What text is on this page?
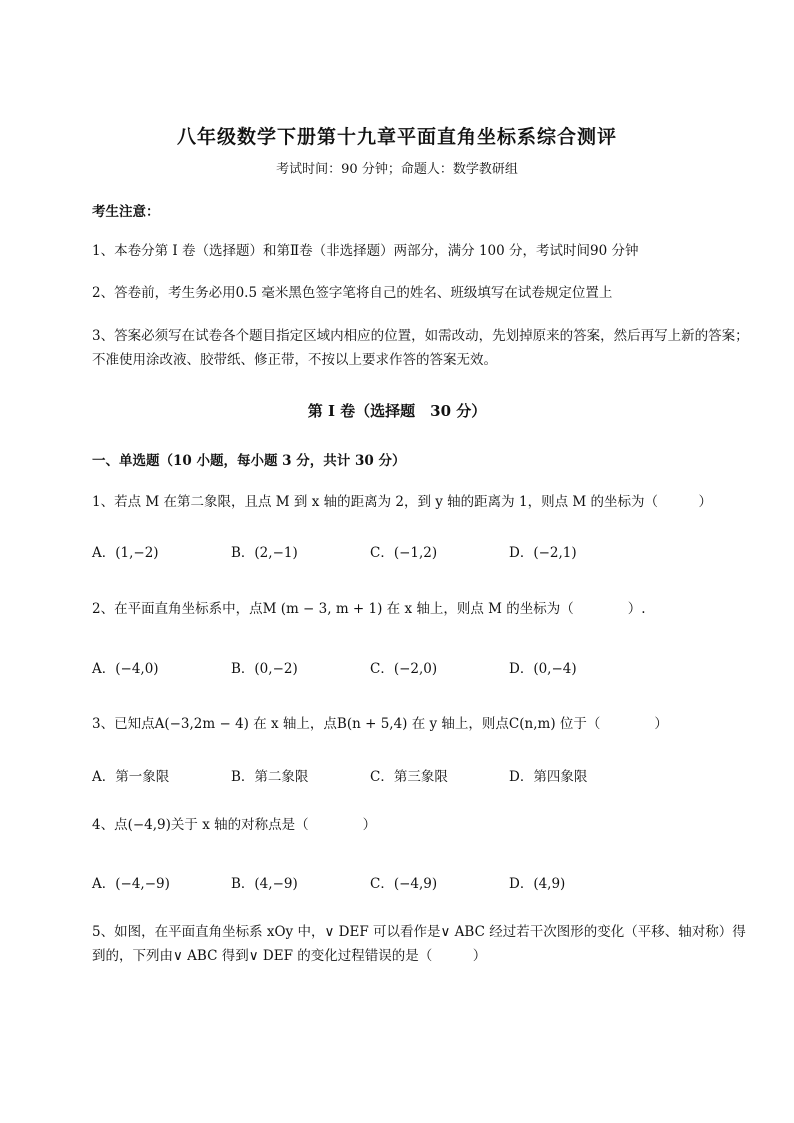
八年级数学下册第十九章平面直角坐标系综合测评
考试时间：90 分钟；命题人：数学教研组
考生注意：
1、本卷分第 I 卷（选择题）和第Ⅱ卷（非选择题）两部分，满分 100 分，考试时间90 分钟
2、答卷前，考生务必用0.5 毫米黑色签字笔将自己的姓名、班级填写在试卷规定位置上
3、答案必须写在试卷各个题目指定区域内相应的位置，如需改动，先划掉原来的答案，然后再写上新的答案；不准使用涂改液、胶带纸、修正带，不按以上要求作答的答案无效。
第 I 卷（选择题　30 分）
一、单选题（10 小题，每小题 3 分，共计 30 分）
1、若点 M 在第二象限，且点 M 到 x 轴的距离为 2，到 y 轴的距离为 1，则点 M 的坐标为（　　　）
A．(1,−2)	B．(2,−1)	C．(−1,2)	D．(−2,1)
2、在平面直角坐标系中，点M (m − 3, m + 1) 在 x 轴上，则点 M 的坐标为（　　　　）.
A．(−4,0)	B．(0,−2)	C．(−2,0)	D．(0,−4)
3、已知点A(−3,2m − 4) 在 x 轴上，点B(n + 5,4) 在 y 轴上，则点C(n,m) 位于（　　　　）
A．第一象限	B．第二象限	C．第三象限	D．第四象限
4、点(−4,9)关于 x 轴的对称点是（　　　　）
A．(−4,−9)	B．(4,−9)	C．(−4,9)	D．(4,9)
5、如图，在平面直角坐标系 xOy 中，∨ DEF 可以看作是∨ ABC 经过若干次图形的变化（平移、轴对称）得到的，下列由∨ ABC 得到∨ DEF 的变化过程错误的是（　　　）
